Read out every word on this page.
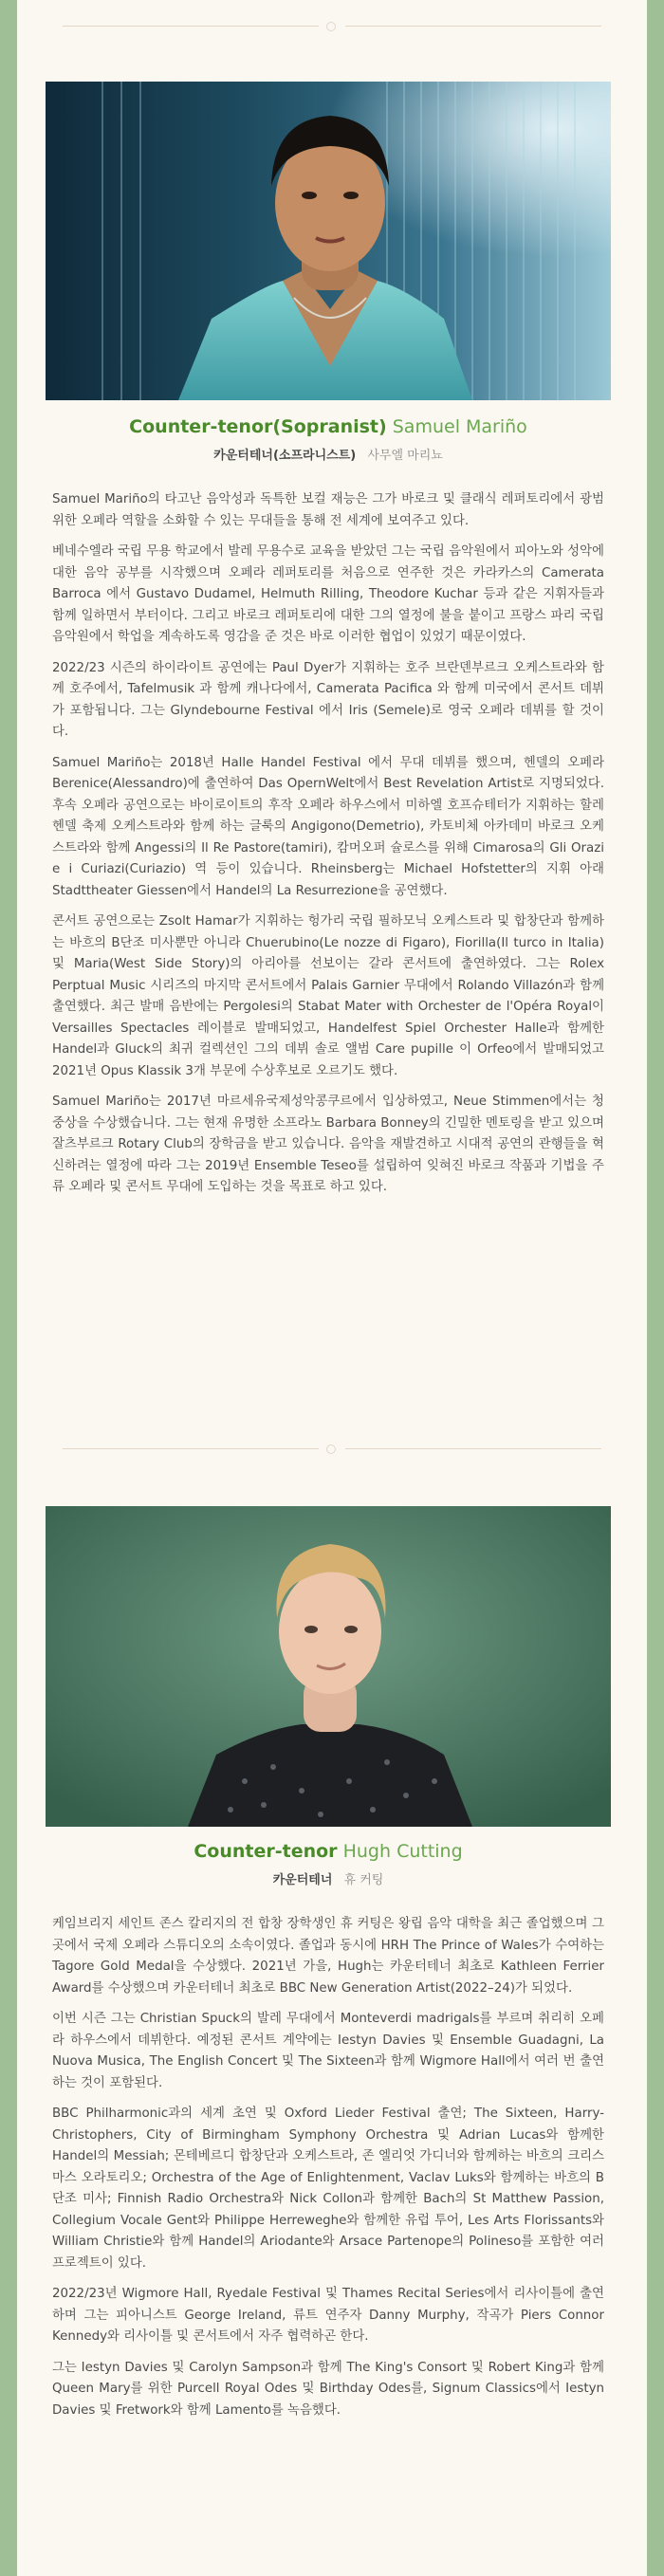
Counter-tenor(Sopranist) Samuel Mariño
카운터테너(소프라니스트) 사무엘 마리뇨

Samuel Mariño의 타고난 음악성과 독특한 보컬 재능은 그가 바로크 및 클래식 레퍼토리에서 광범위한 오페라 역할을 소화할 수 있는 무대들을 통해 전 세계에 보여주고 있다.

베네수엘라 국립 무용 학교에서 발레 무용수로 교육을 받았던 그는 국립 음악원에서 피아노와 성악에 대한 음악 공부를 시작했으며 오페라 레퍼토리를 처음으로 연주한 것은 카라카스의 Camerata Barroca 에서 Gustavo Dudamel, Helmuth Rilling, Theodore Kuchar 등과 같은 지휘자들과 함께 일하면서 부터이다. 그리고 바로크 레퍼토리에 대한 그의 열정에 불을 붙이고 프랑스 파리 국립 음악원에서 학업을 계속하도록 영감을 준 것은 바로 이러한 협업이 있었기 때문이였다.

2022/23 시즌의 하이라이트 공연에는 Paul Dyer가 지휘하는 호주 브란덴부르크 오케스트라와 함께 호주에서, Tafelmusik 과 함께 캐나다에서, Camerata Pacifica 와 함께 미국에서 콘서트 데뷔가 포함됩니다. 그는 Glyndebourne Festival 에서 Iris (Semele)로 영국 오페라 데뷔를 할 것이다.

Samuel Mariño는 2018년 Halle Handel Festival 에서 무대 데뷔를 했으며, 헨델의 오페라 Berenice(Alessandro)에 출연하여 Das OpernWelt에서 Best Revelation Artist로 지명되었다. 후속 오페라 공연으로는 바이로이트의 후작 오페라 하우스에서 미하엘 호프슈테터가 지휘하는 할레 헨델 축제 오케스트라와 함께 하는 글룩의 Angigono(Demetrio), 카토비체 아카데미 바로크 오케스트라와 함께 Angessi의 Il Re Pastore(tamiri), 캄머오퍼 슐로스를 위해 Cimarosa의 Gli Orazi e i Curiazi(Curiazio) 역 등이 있습니다. Rheinsberg는 Michael Hofstetter의 지휘 아래 Stadttheater Giessen에서 Handel의 La Resurrezione을 공연했다.

콘서트 공연으로는 Zsolt Hamar가 지휘하는 헝가리 국립 필하모닉 오케스트라 및 합창단과 함께하는 바흐의 B단조 미사뿐만 아니라 Chuerubino(Le nozze di Figaro), Fiorilla(Il turco in Italia) 및 Maria(West Side Story)의 아리아를 선보이는 갈라 콘서트에 출연하였다. 그는 Rolex Perptual Music 시리즈의 마지막 콘서트에서 Palais Garnier 무대에서 Rolando Villazón과 함께 출연했다. 최근 발매 음반에는 Pergolesi의 Stabat Mater with Orchester de l'Opéra Royal이 Versailles Spectacles 레이블로 발매되었고, Handelfest Spiel Orchester Halle과 함께한 Handel과 Gluck의 최귀 컬렉션인 그의 데뷔 솔로 앨범 Care pupille 이 Orfeo에서 발매되었고 2021년 Opus Klassik 3개 부문에 수상후보로 오르기도 했다.

Samuel Mariño는 2017년 마르세유국제성악콩쿠르에서 입상하였고, Neue Stimmen에서는 청중상을 수상했습니다. 그는 현재 유명한 소프라노 Barbara Bonney의 긴밀한 멘토링을 받고 있으며 잘츠부르크 Rotary Club의 장학금을 받고 있습니다. 음악을 재발견하고 시대적 공연의 관행들을 혁신하려는 열정에 따라 그는 2019년 Ensemble Teseo를 설립하여 잊혀진 바로크 작품과 기법을 주류 오페라 및 콘서트 무대에 도입하는 것을 목표로 하고 있다.

Counter-tenor Hugh Cutting
카운터테너 휴 커팅

케임브리지 세인트 존스 칼리지의 전 합창 장학생인 휴 커팅은 왕립 음악 대학을 최근 졸업했으며 그곳에서 국제 오페라 스튜디오의 소속이였다. 졸업과 동시에 HRH The Prince of Wales가 수여하는 Tagore Gold Medal을 수상했다. 2021년 가을, Hugh는 카운터테너 최초로 Kathleen Ferrier Award를 수상했으며 카운터테너 최초로 BBC New Generation Artist(2022–24)가 되었다.

이번 시즌 그는 Christian Spuck의 발레 무대에서 Monteverdi madrigals를 부르며 취리히 오페라 하우스에서 데뷔한다. 예정된 콘서트 계약에는 Iestyn Davies 및 Ensemble Guadagni, La Nuova Musica, The English Concert 및 The Sixteen과 함께 Wigmore Hall에서 여러 번 출연하는 것이 포함된다.

BBC Philharmonic과의 세계 초연 및 Oxford Lieder Festival 출연; The Sixteen, Harry-Christophers, City of Birmingham Symphony Orchestra 및 Adrian Lucas와 함께한 Handel의 Messiah; 몬테베르디 합창단과 오케스트라, 존 엘리엇 가디너와 함께하는 바흐의 크리스마스 오라토리오; Orchestra of the Age of Enlightenment, Vaclav Luks와 함께하는 바흐의 B단조 미사; Finnish Radio Orchestra와 Nick Collon과 함께한 Bach의 St Matthew Passion, Collegium Vocale Gent와 Philippe Herreweghe와 함께한 유럽 투어, Les Arts Florissants와 William Christie와 함께 Handel의 Ariodante와 Arsace Partenope의 Polineso를 포함한 여러 프로젝트이 있다.

2022/23년 Wigmore Hall, Ryedale Festival 및 Thames Recital Series에서 리사이틀에 출연하며 그는 피아니스트 George Ireland, 류트 연주자 Danny Murphy, 작곡가 Piers Connor Kennedy와 리사이틀 및 콘서트에서 자주 협력하곤 한다.

그는 Iestyn Davies 및 Carolyn Sampson과 함께 The King's Consort 및 Robert King과 함께 Queen Mary를 위한 Purcell Royal Odes 및 Birthday Odes를, Signum Classics에서 Iestyn Davies 및 Fretwork와 함께 Lamento를 녹음했다.
